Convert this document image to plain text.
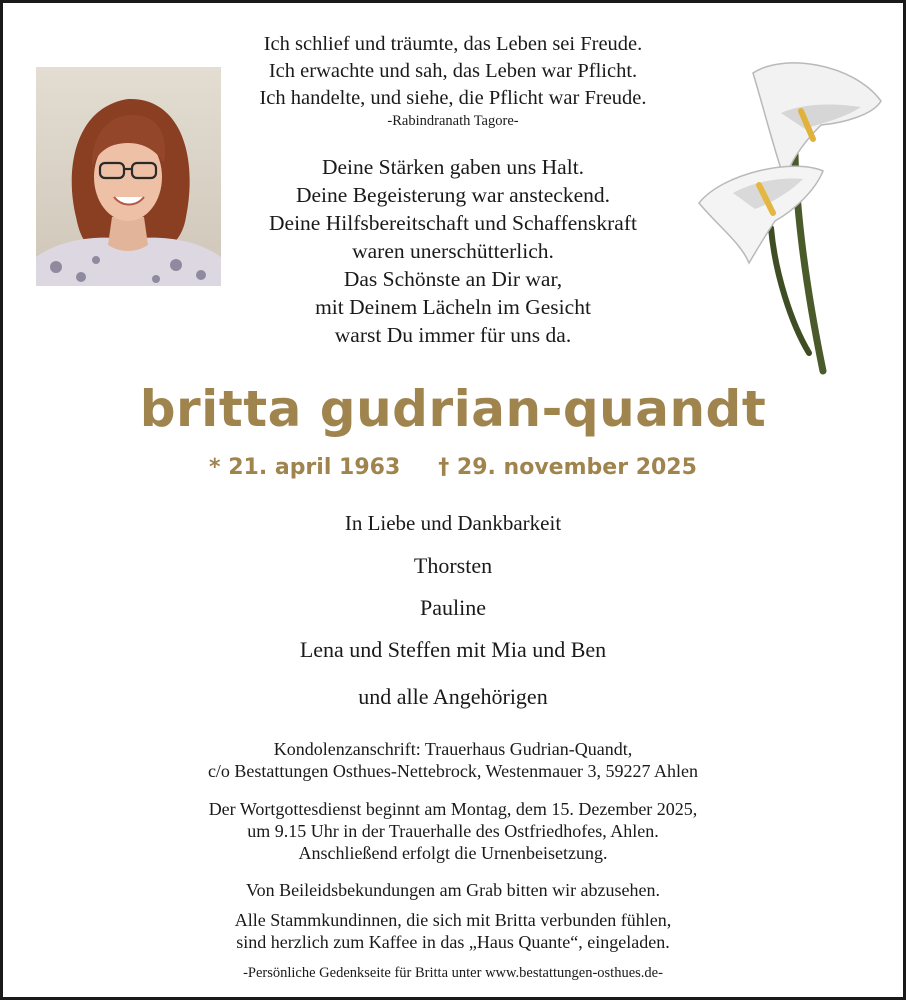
Ich schlief und träumte, das Leben sei Freude.
Ich erwachte und sah, das Leben war Pflicht.
Ich handelte, und siehe, die Pflicht war Freude.
-Rabindranath Tagore-
Deine Stärken gaben uns Halt.
Deine Begeisterung war ansteckend.
Deine Hilfsbereitschaft und Schaffenskraft
waren unerschütterlich.
Das Schönste an Dir war,
mit Deinem Lächeln im Gesicht
warst Du immer für uns da.
britta gudrian-quandt
* 21. april 1963 † 29. november 2025
In Liebe und Dankbarkeit
Thorsten
Pauline
Lena und Steffen mit Mia und Ben
und alle Angehörigen
Kondolenzanschrift: Trauerhaus Gudrian-Quandt,
c/o Bestattungen Osthues-Nettebrock, Westenmauer 3, 59227 Ahlen
Der Wortgottesdienst beginnt am Montag, dem 15. Dezember 2025,
um 9.15 Uhr in der Trauerhalle des Ostfriedhofes, Ahlen.
Anschließend erfolgt die Urnenbeisetzung.
Von Beileidsbekundungen am Grab bitten wir abzusehen.
Alle Stammkundinnen, die sich mit Britta verbunden fühlen,
sind herzlich zum Kaffee in das „Haus Quante“, eingeladen.
-Persönliche Gedenkseite für Britta unter www.bestattungen-osthues.de-
